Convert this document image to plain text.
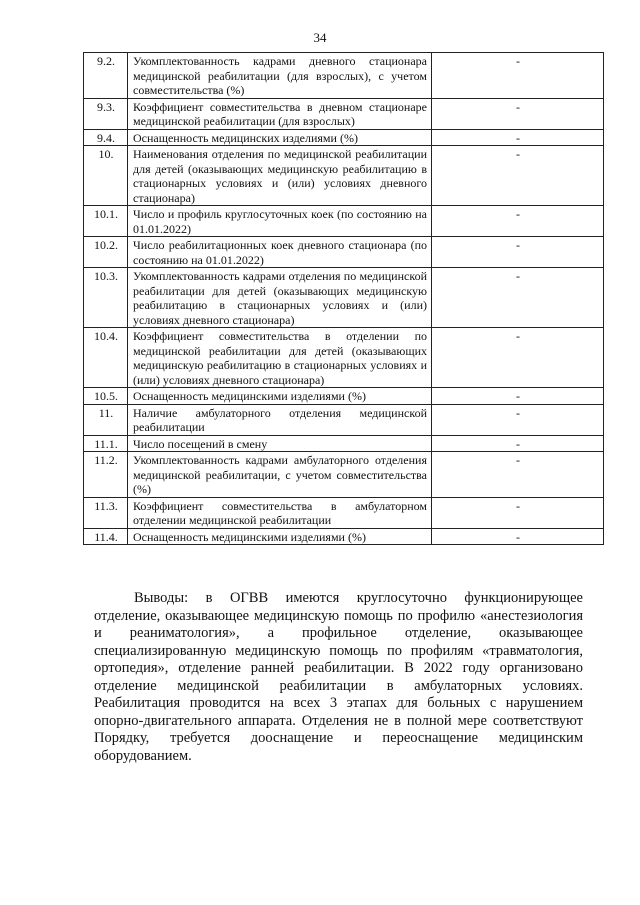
34
9.2.	Укомплектованность кадрами дневного стационара медицинской реабилитации (для взрослых), с учетом совместительства (%)	-
9.3.	Коэффициент совместительства в дневном стационаре медицинской реабилитации (для взрослых)	-
9.4.	Оснащенность медицинских изделиями (%)	-
10.	Наименования отделения по медицинской реабилитации для детей (оказывающих медицинскую реабилитацию в стационарных условиях и (или) условиях дневного стационара)	-
10.1.	Число и профиль круглосуточных коек (по состоянию на 01.01.2022)	-
10.2.	Число реабилитационных коек дневного стационара (по состоянию на 01.01.2022)	-
10.3.	Укомплектованность кадрами отделения по медицинской реабилитации для детей (оказывающих медицинскую реабилитацию в стационарных условиях и (или) условиях дневного стационара)	-
10.4.	Коэффициент совместительства в отделении по медицинской реабилитации для детей (оказывающих медицинскую реабилитацию в стационарных условиях и (или) условиях дневного стационара)	-
10.5.	Оснащенность медицинскими изделиями (%)	-
11.	Наличие амбулаторного отделения медицинской реабилитации	-
11.1.	Число посещений в смену	-
11.2.	Укомплектованность кадрами амбулаторного отделения медицинской реабилитации, с учетом совместительства (%)	-
11.3.	Коэффициент совместительства в амбулаторном отделении медицинской реабилитации	-
11.4.	Оснащенность медицинскими изделиями (%)	-

Выводы: в ОГВВ имеются круглосуточно функционирующее отделение, оказывающее медицинскую помощь по профилю «анестезиология и реаниматология», а профильное отделение, оказывающее специализированную медицинскую помощь по профилям «травматология, ортопедия», отделение ранней реабилитации. В 2022 году организовано отделение медицинской реабилитации в амбулаторных условиях. Реабилитация проводится на всех 3 этапах для больных с нарушением опорно-двигательного аппарата. Отделения не в полной мере соответствуют Порядку, требуется дооснащение и переоснащение медицинским оборудованием.
